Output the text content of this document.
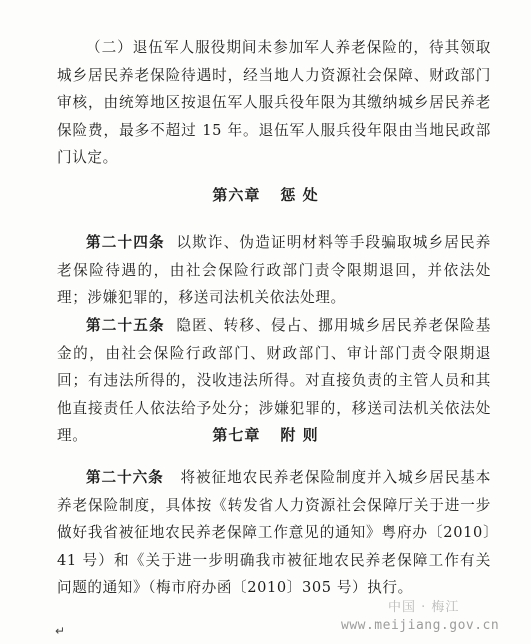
（二）退伍军人服役期间未参加军人养老保险的，待其领取城乡居民养老保险待遇时，经当地人力资源社会保障、财政部门审核，由统筹地区按退伍军人服兵役年限为其缴纳城乡居民养老保险费，最多不超过 15 年。退伍军人服兵役年限由当地民政部门认定。

第六章 惩 处

第二十四条 以欺诈、伪造证明材料等手段骗取城乡居民养老保险待遇的，由社会保险行政部门责令限期退回，并依法处理；涉嫌犯罪的，移送司法机关依法处理。

第二十五条 隐匿、转移、侵占、挪用城乡居民养老保险基金的，由社会保险行政部门、财政部门、审计部门责令限期退回；有违法所得的，没收违法所得。对直接负责的主管人员和其他直接责任人依法给予处分；涉嫌犯罪的，移送司法机关依法处理。	第七章 附 则

第二十六条 将被征地农民养老保险制度并入城乡居民基本养老保险制度，具体按《转发省人力资源社会保障厅关于进一步做好我省被征地农民养老保障工作意见的通知》粤府办〔2010〕41 号）和《关于进一步明确我市被征地农民养老保障工作有关问题的通知》（梅市府办函〔2010〕305 号）执行。

中国 · 梅江
www.meijiang.gov.cn
↵
